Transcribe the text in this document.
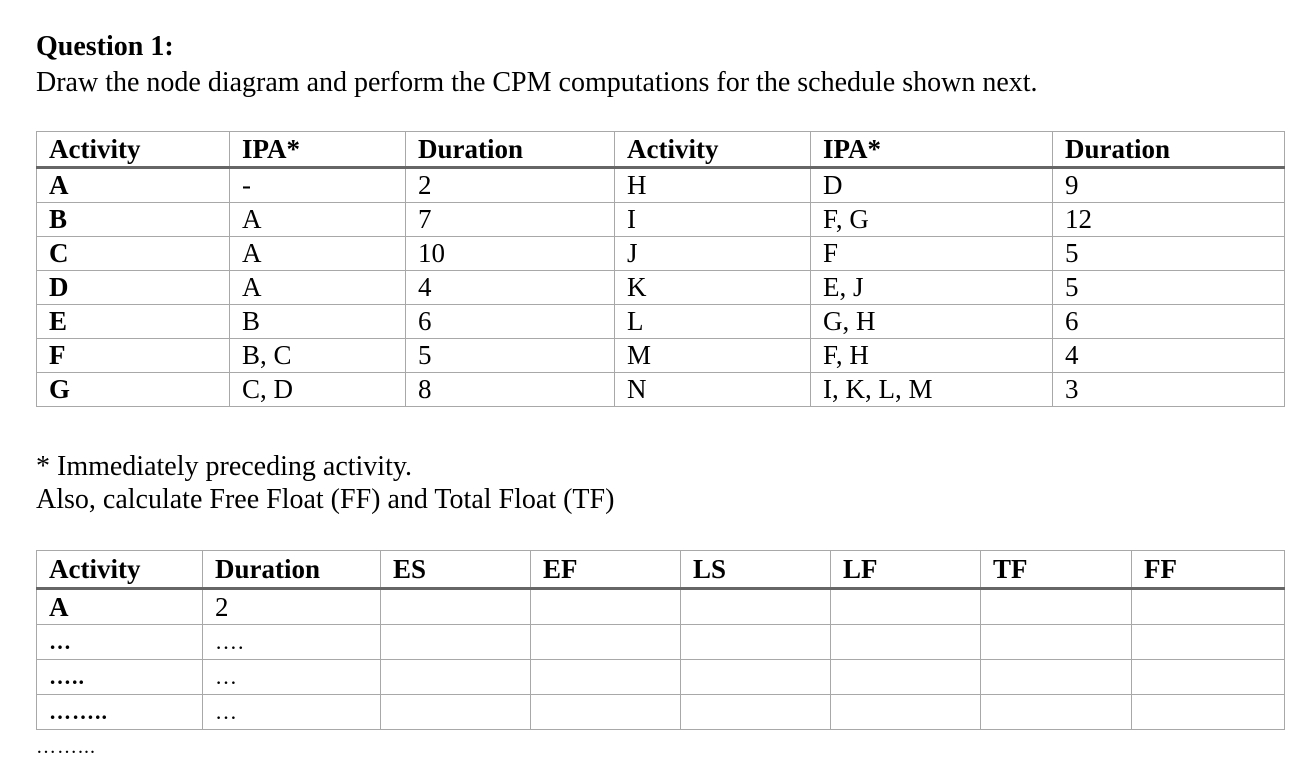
Question 1:

Draw the node diagram and perform the CPM computations for the schedule shown next.

Activity	IPA*	Duration	Activity	IPA*	Duration
A	-	2	H	D	9
B	A	7	I	F, G	12
C	A	10	J	F	5
D	A	4	K	E, J	5
E	B	6	L	G, H	6
F	B, C	5	M	F, H	4
G	C, D	8	N	I, K, L, M	3

* Immediately preceding activity.

Also, calculate Free Float (FF) and Total Float (TF)

Activity	Duration	ES	EF	LS	LF	TF	FF
A	2						
…	….						
…..	…						
……..	…						

……...
